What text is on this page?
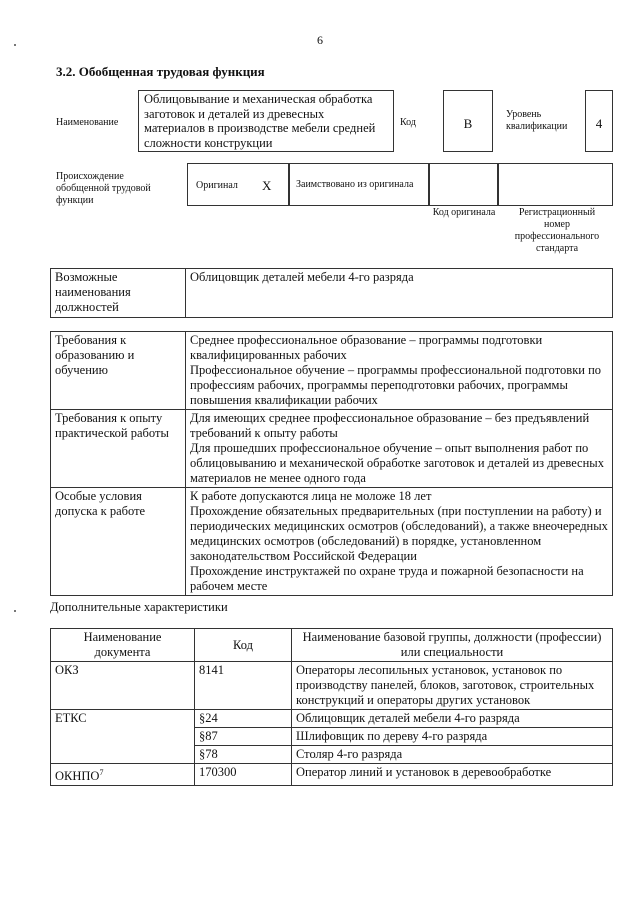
6
3.2. Обобщенная трудовая функция
Наименование
Облицовывание и механическая обработка заготовок и деталей из древесных материалов в производстве мебели средней сложности конструкции
Код	B
Уровень квалификации	4
Происхождение обобщенной трудовой функции
Оригинал X	Заимствовано из оригинала
Код оригинала	Регистрационный номер профессионального стандарта
Возможные наименования должностей	Облицовщик деталей мебели 4-го разряда
Требования к образованию и обучению	Среднее профессиональное образование – программы подготовки квалифицированных рабочих
Профессиональное обучение – программы профессиональной подготовки по профессиям рабочих, программы переподготовки рабочих, программы повышения квалификации рабочих

Требования к опыту практической работы	Для имеющих среднее профессиональное образование – без предъявлений требований к опыту работы
Для прошедших профессиональное обучение – опыт выполнения работ по облицовыванию и механической обработке заготовок и деталей из древесных материалов не менее одного года

Особые условия допуска к работе	К работе допускаются лица не моложе 18 лет
Прохождение обязательных предварительных (при поступлении на работу) и периодических медицинских осмотров (обследований), а также внеочередных медицинских осмотров (обследований) в порядке, установленном законодательством Российской Федерации
Прохождение инструктажей по охране труда и пожарной безопасности на рабочем месте
Дополнительные характеристики
Наименование документа	Код	Наименование базовой группы, должности (профессии) или специальности
ОКЗ	8141	Операторы лесопильных установок, установок по производству панелей, блоков, заготовок, строительных конструкций и операторы других установок
ЕТКС	§24	Облицовщик деталей мебели 4-го разряда
	§87	Шлифовщик по дереву 4-го разряда
	§78	Столяр 4-го разряда
ОКНПО$^7$	170300	Оператор линий и установок в деревообработке
